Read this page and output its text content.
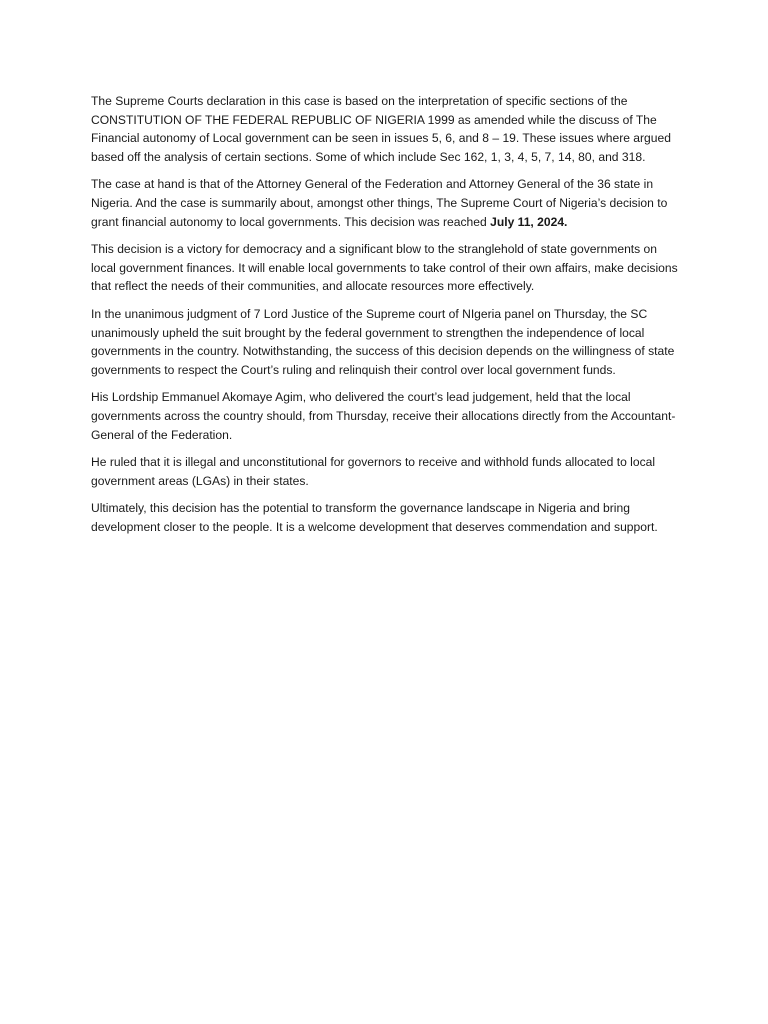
The Supreme Courts declaration in this case is based on the interpretation of specific sections of the CONSTITUTION OF THE FEDERAL REPUBLIC OF NIGERIA 1999 as amended while the discuss of The Financial autonomy of Local government can be seen in issues 5, 6, and 8 – 19. These issues where argued based off the analysis of certain sections. Some of which include Sec 162, 1, 3, 4, 5, 7, 14, 80, and 318.

The case at hand is that of the Attorney General of the Federation and Attorney General of the 36 state in Nigeria. And the case is summarily about, amongst other things, The Supreme Court of Nigeria’s decision to grant financial autonomy to local governments. This decision was reached July 11, 2024.

This decision is a victory for democracy and a significant blow to the stranglehold of state governments on local government finances. It will enable local governments to take control of their own affairs, make decisions that reflect the needs of their communities, and allocate resources more effectively.

In the unanimous judgment of 7 Lord Justice of the Supreme court of NIgeria panel on Thursday, the SC unanimously upheld the suit brought by the federal government to strengthen the independence of local governments in the country. Notwithstanding, the success of this decision depends on the willingness of state governments to respect the Court’s ruling and relinquish their control over local government funds.

His Lordship Emmanuel Akomaye Agim, who delivered the court’s lead judgement, held that the local governments across the country should, from Thursday, receive their allocations directly from the Accountant-General of the Federation.

He ruled that it is illegal and unconstitutional for governors to receive and withhold funds allocated to local government areas (LGAs) in their states.

Ultimately, this decision has the potential to transform the governance landscape in Nigeria and bring development closer to the people. It is a welcome development that deserves commendation and support.
